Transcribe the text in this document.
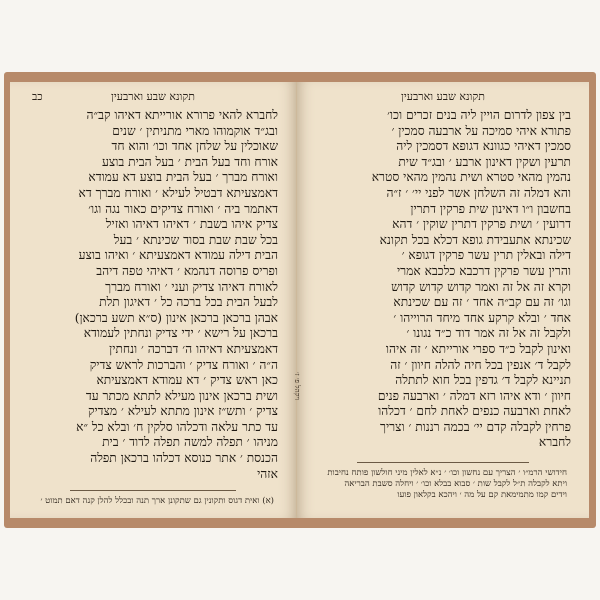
כב	תקונא שבע וארבעין
לחברא להאי פרורא אורייתא דאיהו קב״ה
ובג״ד אוקמוהו מארי מתניתין ׳ שנים
שאוכלין על שלחן אחד וכו׳ והוא חד
אורח וחד בעל הבית ׳ בעל הבית בוצע
ואורח מברך ׳ בעל הבית בוצע דא עמודא
דאמצעיתא דבטיל לעילא ׳ ואורח מברך דא
דאתמר ביה ׳ ואורח צדיקים כאור נגה וגו׳
צדיק איהו בשבת ׳ דאיהו דאיהו ואזיל
בכל שבת שבת בסוד שכינתא ׳ בעל
הבית דילה עמודא דאמצעיתא ׳ ואיהו בוצע
ופריס פרוסה דנהמא ׳ דאיהי טפה דיהב
לאורח דאיהו צדיק ועני ׳ ואורח מברך
לבעל הבית בכל ברכה כל ׳ דאיגון תלת
אבהן ברכאן ברכאן אינון (ס״א תשע ברכאן)
ברכאן על רישא ׳ ידי צדיק ונחתין לעמודא
דאמצעיתא דאיהו ה׳ דברכה ׳ ונחתין
ה״ה ׳ ואורח צדיק ׳ והברכות לראש צדיק
כאן ראש צדיק ׳ דא עמודא דאמצעיתא
ושית ברכאן אינון מעילא לתתא מכתר עד
צדיק ׳ ותש״ז אינון מתתא לעילא ׳ מצדיק
עד כתר עלאה ודכלהו סלקין ח׳ ובלא כל ״א
מניהו ׳ תפלה למשה תפלה לדוד ׳ בית
הכנסת ׳ אתר כנוסא דכלהו ברכאן תפלה
אזהי
(א) ואית דגוס ותקונין גם שתקונן ארך תנה ובכלל להלן קנה דאם תמוט ׳
תקונא שבע וארבעין
בין צפון לדרום הויין ליה בנים זכרים וכו׳
פתורא איהי סמיכה על ארבעה סמכין ׳
סמכין דאיהי כגוונא דגופא דסמכין ליה
תרעין ושקין דאינון ארבע ׳ ובג״ד שית
נהמין מהאי סטרא ושית נהמין מהאי סטרא
והא דמלה זה השלחן אשר לפני יי׳ ׳ ז״ה
בחשבון ו״ו דאינון שית פרקין דתרין
דרועין ׳ ושית פרקין דתרין שוקין ׳ דהא
שכינתא אתעבידת גופא דכלא בכל תקונא
דילה ובאלין תרין עשר פרקין דגופא ׳
והרין עשר פרקין דרכבא כלכבא אמרי
וקרא זה אל זה ואמר קדוש קדוש קדוש
וגו׳ זה עם קב״ה אחד ׳ זה עם שכינתא
אחד ׳ ובלא קרקע אחד מיחד הרוייהו ׳
ולקבל זה אל זה אמר דוד כ״ד נגונו ׳
ואינון לקבל כ״ד ספרי אורייתא ׳ זה איהו
לקבל ד׳ אנפין בכל חיה להלה חיוון ׳ זה
תניינא לקבל ד׳ גדפין בכל חוא לתתלה
חיוון ׳ ודא איהו רזא דמלה ׳ וארבעה פנים
לאחת וארבעה כנפים לאחת לחם ׳ דכלהו
פרחין לקבלה קדם יי׳ בכמה רננות ׳ וצריך
לחברא
חידושי הרמ״ו ׳ הצריך עם נחשון וכו׳ ׳ נ״א לאלין מיני חולשון פותח נחיבות
ויתא לקבלה ת״ל לקבל שות ׳ סבוא בבלא וכו׳ ׳ ויחלה סשבת הבריאה
וידים קמו מתמימאת קם על מה ׳ ויהכא בקלאון פועו
ויקהל פ׳ ז׳
